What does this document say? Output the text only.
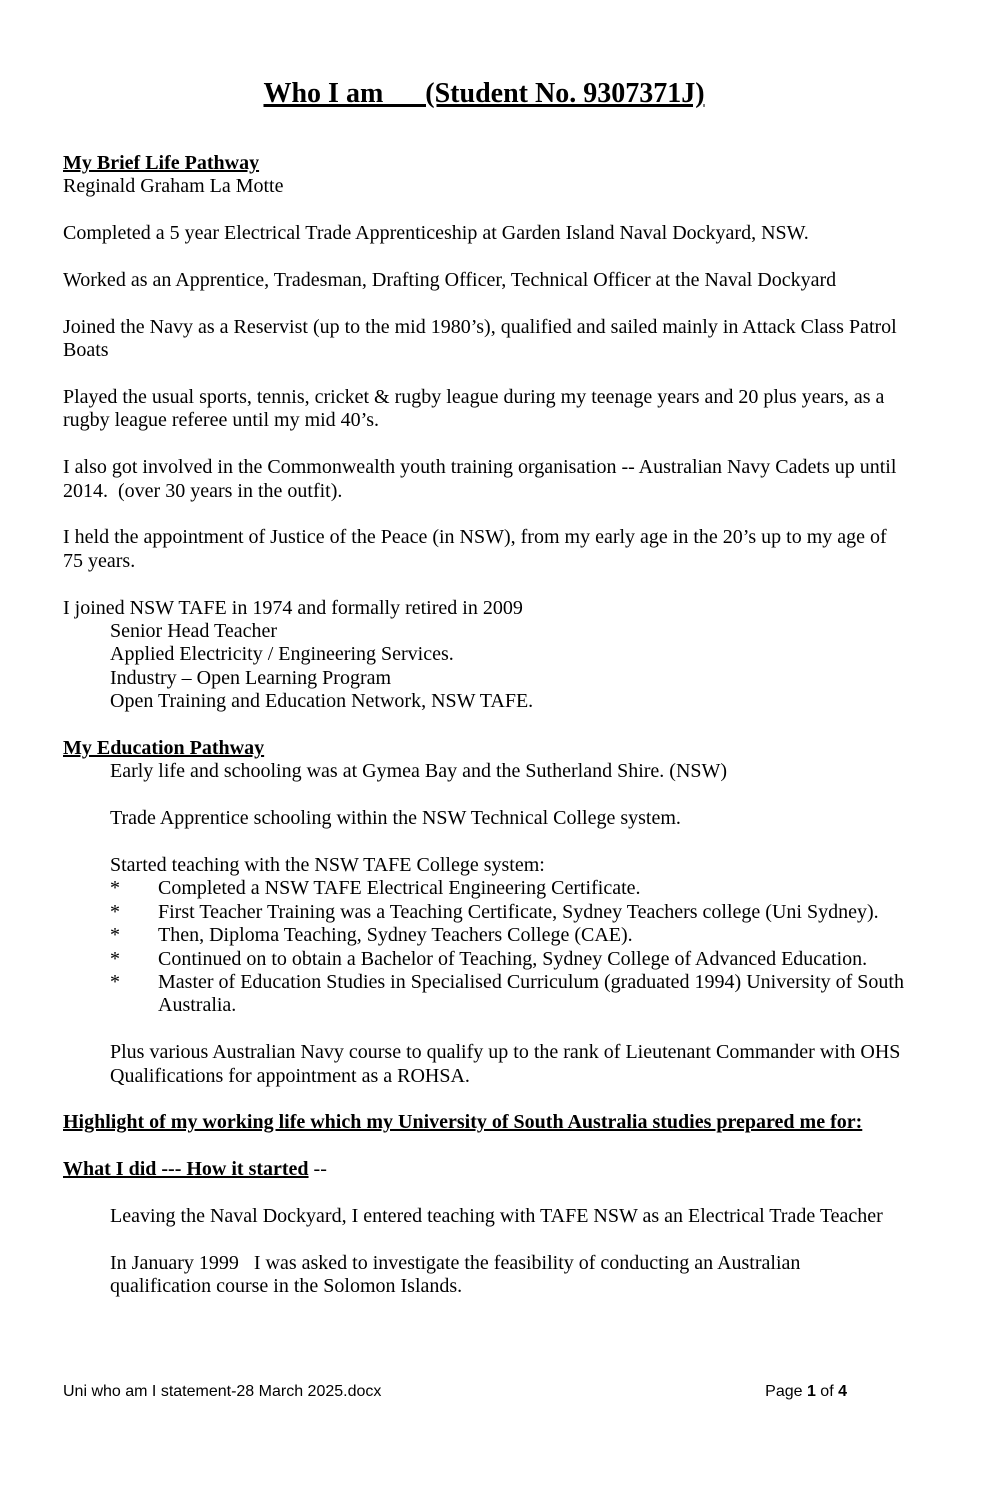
Who I am      (Student No. 9307371J)
My Brief Life Pathway
Reginald Graham La Motte
Completed a 5 year Electrical Trade Apprenticeship at Garden Island Naval Dockyard, NSW.
Worked as an Apprentice, Tradesman, Drafting Officer, Technical Officer at the Naval Dockyard
Joined the Navy as a Reservist (up to the mid 1980’s), qualified and sailed mainly in Attack Class Patrol Boats
Played the usual sports, tennis, cricket & rugby league during my teenage years and 20 plus years, as a rugby league referee until my mid 40’s.
I also got involved in the Commonwealth youth training organisation -- Australian Navy Cadets up until 2014.  (over 30 years in the outfit).
I held the appointment of Justice of the Peace (in NSW), from my early age in the 20’s up to my age of 75 years.
I joined NSW TAFE in 1974 and formally retired in 2009
Senior Head Teacher
Applied Electricity / Engineering Services.
Industry – Open Learning Program
Open Training and Education Network, NSW TAFE.
My Education Pathway
Early life and schooling was at Gymea Bay and the Sutherland Shire. (NSW)
Trade Apprentice schooling within the NSW Technical College system.
Started teaching with the NSW TAFE College system:
* Completed a NSW TAFE Electrical Engineering Certificate.
* First Teacher Training was a Teaching Certificate, Sydney Teachers college (Uni Sydney).
* Then, Diploma Teaching, Sydney Teachers College (CAE).
* Continued on to obtain a Bachelor of Teaching, Sydney College of Advanced Education.
* Master of Education Studies in Specialised Curriculum (graduated 1994) University of South Australia.
Plus various Australian Navy course to qualify up to the rank of Lieutenant Commander with OHS Qualifications for appointment as a ROHSA.
Highlight of my working life which my University of South Australia studies prepared me for:
What I did --- How it started --
Leaving the Naval Dockyard, I entered teaching with TAFE NSW as an Electrical Trade Teacher
In January 1999   I was asked to investigate the feasibility of conducting an Australian qualification course in the Solomon Islands.
Uni who am I statement-28 March 2025.docx	Page 1 of 4
